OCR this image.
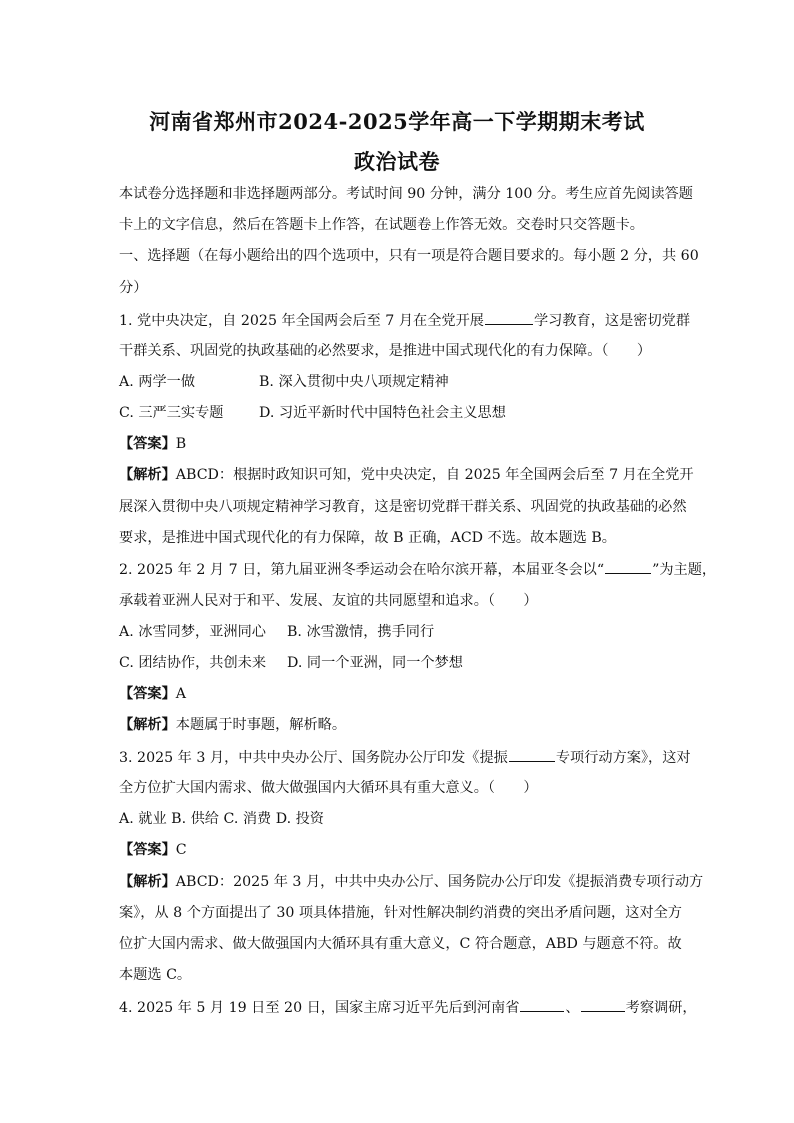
河南省郑州市2024-2025学年高一下学期期末考试
政治试卷
本试卷分选择题和非选择题两部分。考试时间 90 分钟，满分 100 分。考生应首先阅读答题
卡上的文字信息，然后在答题卡上作答，在试题卷上作答无效。交卷时只交答题卡。
一、选择题（在每小题给出的四个选项中，只有一项是符合题目要求的。每小题 2 分，共 60
分）
1. 党中央决定，自 2025 年全国两会后至 7 月在全党开展	学习教育，这是密切党群
干群关系、巩固党的执政基础的必然要求，是推进中国式现代化的有力保障。（　　）
A. 两学一做	B. 深入贯彻中央八项规定精神
C. 三严三实专题	D. 习近平新时代中国特色社会主义思想
【答案】B
【解析】ABCD：根据时政知识可知，党中央决定，自 2025 年全国两会后至 7 月在全党开
展深入贯彻中央八项规定精神学习教育，这是密切党群干群关系、巩固党的执政基础的必然
要求，是推进中国式现代化的有力保障，故 B 正确，ACD 不选。故本题选 B。
2. 2025 年 2 月 7 日，第九届亚洲冬季运动会在哈尔滨开幕，本届亚冬会以“	”为主题，
承载着亚洲人民对于和平、发展、友谊的共同愿望和追求。（　　）
A. 冰雪同梦，亚洲同心 B. 冰雪激情，携手同行
C. 团结协作，共创未来 D. 同一个亚洲，同一个梦想
【答案】A
【解析】本题属于时事题，解析略。
3. 2025 年 3 月，中共中央办公厅、国务院办公厅印发《提振	专项行动方案》，这对
全方位扩大国内需求、做大做强国内大循环具有重大意义。（　　）
A. 就业 B. 供给 C. 消费 D. 投资
【答案】C
【解析】ABCD：2025 年 3 月，中共中央办公厅、国务院办公厅印发《提振消费专项行动方
案》，从 8 个方面提出了 30 项具体措施，针对性解决制约消费的突出矛盾问题，这对全方
位扩大国内需求、做大做强国内大循环具有重大意义，C 符合题意，ABD 与题意不符。故
本题选 C。
4. 2025 年 5 月 19 日至 20 日，国家主席习近平先后到河南省	、	考察调研，
